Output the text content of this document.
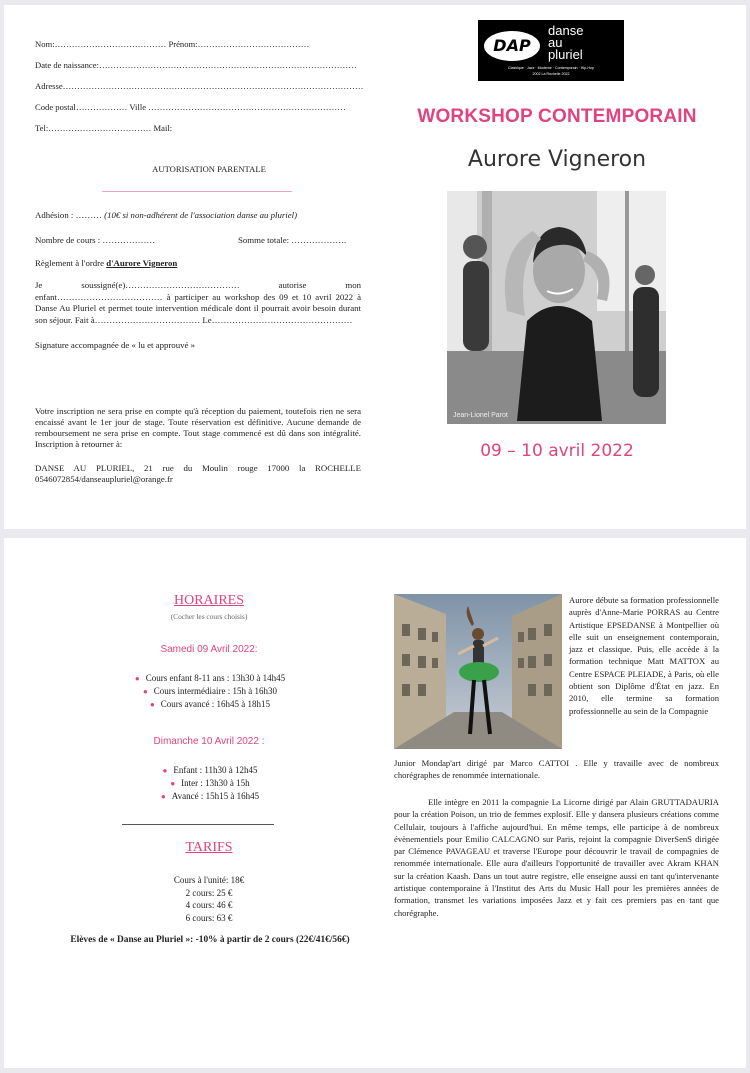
Nom:………………………………… Prénom:…………………………………
Date de naissance:………………………………………………………………………………
Adresse……………………………………………………………………………………………
Code postal……………… Ville ……………………………………………………………
Tel:……………………………… Mail:
AUTORISATION PARENTALE
Adhésion : ……… (10€ si non-adhérent de l'association danse au pluriel)
Nombre de cours : ………………	Somme totale: ……………….
Règlement à l'ordre d'Aurore Vigneron
Je soussigné(e)………………………………… autorise mon enfant……………………………… à participer au workshop des 09 et 10 avril 2022 à Danse Au Pluriel et permet toute intervention médicale dont il pourrait avoir besoin durant son séjour. Fait à……………………………… Le…………………………………………
Signature accompagnée de « lu et approuvé »
Votre inscription ne sera prise en compte qu'à réception du paiement, toutefois rien ne sera encaissé avant le 1er jour de stage. Toute réservation est définitive. Aucune demande de remboursement ne sera prise en compte. Tout stage commencé est dû dans son intégralité. Inscription à retourner à:
DANSE AU PLURIEL, 21 rue du Moulin rouge 17000 la ROCHELLE 0546072854/danseaupluriel@orange.fr
DAP
danse
au
pluriel
Classique · Jazz · Moderne · Contemporain · Hip-Hop
2002 La Rochelle 2022
WORKSHOP CONTEMPORAIN
Aurore Vigneron
Jean-Lionel Parot
09 – 10 avril 2022
HORAIRES
(Cocher les cours choisis)
Samedi 09 Avril 2022:
● Cours enfant 8-11 ans : 13h30 à 14h45
● Cours intermédiaire : 15h à 16h30
● Cours avancé : 16h45 à 18h15
Dimanche 10 Avril 2022 :
● Enfant : 11h30 à 12h45
● Inter : 13h30 à 15h
● Avancé : 15h15 à 16h45
TARIFS
Cours à l'unité: 18€
2 cours: 25 €
4 cours: 46 €
6 cours: 63 €
Elèves de « Danse au Pluriel »: -10% à partir de 2 cours (22€/41€/56€)
Aurore débute sa formation professionnelle auprès d'Anne-Marie PORRAS au Centre Artistique EPSEDANSE à Montpellier où elle suit un enseignement contemporain, jazz et classique. Puis, elle accède à la formation technique Matt MATTOX au Centre ESPACE PLEIADE, à Paris, où elle obtient son Diplôme d'État en jazz. En 2010, elle termine sa formation professionnelle au sein de la Compagnie
Junior Mondap'art dirigé par Marco CATTOI . Elle y travaille avec de nombreux chorégraphes de renommée internationale.
Elle intègre en 2011 la compagnie La Licorne dirigé par Alain GRUTTADAURIA pour la création Poison, un trio de femmes explosif. Elle y dansera plusieurs créations comme Cellulair, toujours à l'affiche aujourd'hui. En même temps, elle participe à de nombreux évènementiels pour Emilio CALCAGNO sur Paris, rejoint la compagnie DiverSenS dirigée par Clémence PAVAGEAU et traverse l'Europe pour découvrir le travail de compagnies de renommée internationale. Elle aura d'ailleurs l'opportunité de travailler avec Akram KHAN sur la création Kaash. Dans un tout autre registre, elle enseigne aussi en tant qu'intervenante artistique contemporaine à l'Institut des Arts du Music Hall pour les premières années de formation, transmet les variations imposées Jazz et y fait ces premiers pas en tant que chorégraphe.
